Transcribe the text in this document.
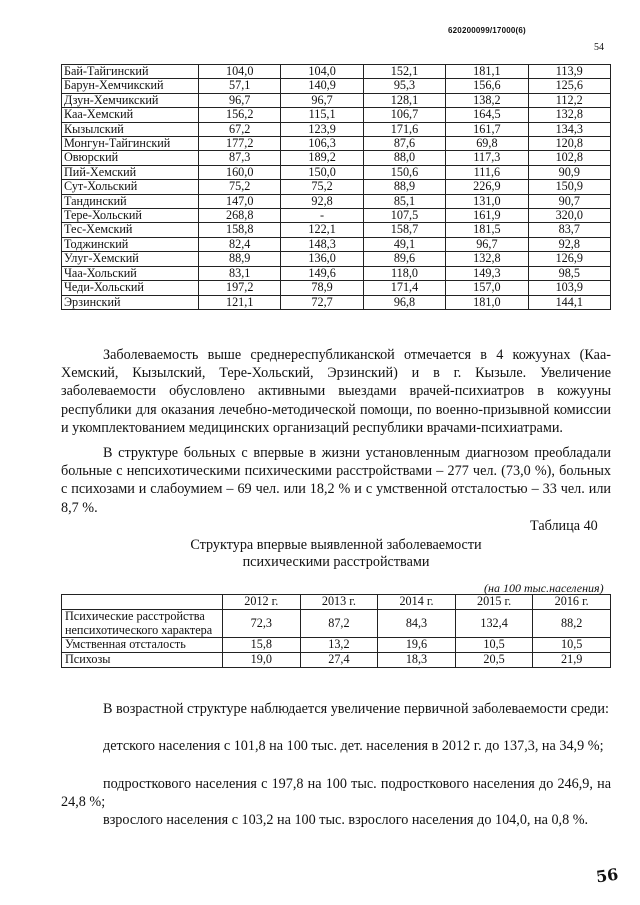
620200099/17000(6)
54
Бай-Тайгинский	104,0	104,0	152,1	181,1	113,9
Барун-Хемчикский	57,1	140,9	95,3	156,6	125,6
Дзун-Хемчикский	96,7	96,7	128,1	138,2	112,2
Каа-Хемский	156,2	115,1	106,7	164,5	132,8
Кызылский	67,2	123,9	171,6	161,7	134,3
Монгун-Тайгинский	177,2	106,3	87,6	69,8	120,8
Овюрский	87,3	189,2	88,0	117,3	102,8
Пий-Хемский	160,0	150,0	150,6	111,6	90,9
Сут-Хольский	75,2	75,2	88,9	226,9	150,9
Тандинский	147,0	92,8	85,1	131,0	90,7
Тере-Хольский	268,8	-	107,5	161,9	320,0
Тес-Хемский	158,8	122,1	158,7	181,5	83,7
Тоджинский	82,4	148,3	49,1	96,7	92,8
Улуг-Хемский	88,9	136,0	89,6	132,8	126,9
Чаа-Хольский	83,1	149,6	118,0	149,3	98,5
Чеди-Хольский	197,2	78,9	171,4	157,0	103,9
Эрзинский	121,1	72,7	96,8	181,0	144,1
Заболеваемость выше среднереспубликанской отмечается в 4 кожуунах (Каа-Хемский, Кызылский, Тере-Хольский, Эрзинский) и в г. Кызыле. Увеличение заболеваемости обусловлено активными выездами врачей-психиатров в кожууны республики для оказания лечебно-методической помощи, по военно-призывной комиссии и укомплектованием медицинских организаций республики врачами-психиатрами.
В структуре больных с впервые в жизни установленным диагнозом преобладали больные с непсихотическими психическими расстройствами – 277 чел. (73,0 %), больных с психозами и слабоумием – 69 чел. или 18,2 % и с умственной отсталостью – 33 чел. или 8,7 %.
Таблица 40
Структура впервые выявленной заболеваемости
психическими расстройствами
(на 100 тыс.населения)
	2012 г.	2013 г.	2014 г.	2015 г.	2016 г.
Психические расстройства непсихотического характера	72,3	87,2	84,3	132,4	88,2
Умственная отсталость	15,8	13,2	19,6	10,5	10,5
Психозы	19,0	27,4	18,3	20,5	21,9
В возрастной структуре наблюдается увеличение первичной заболеваемости среди:
детского населения с 101,8 на 100 тыс. дет. населения в 2012 г. до 137,3, на 34,9 %;
подросткового населения с 197,8 на 100 тыс. подросткового населения до 246,9, на 24,8 %;
взрослого населения с 103,2 на 100 тыс. взрослого населения до 104,0, на 0,8 %.
56
